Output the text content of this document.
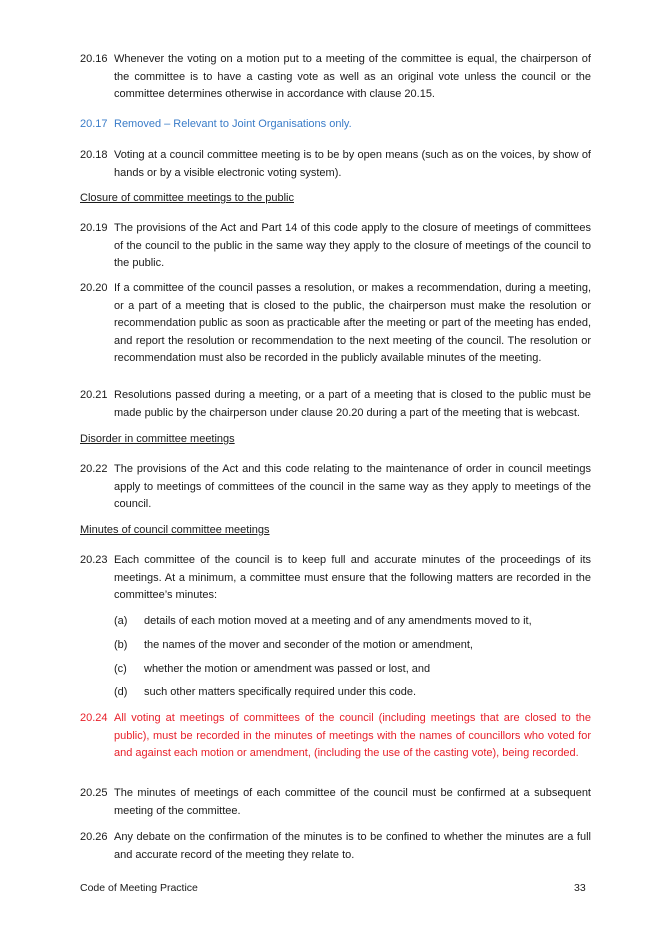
20.16 Whenever the voting on a motion put to a meeting of the committee is equal, the chairperson of the committee is to have a casting vote as well as an original vote unless the council or the committee determines otherwise in accordance with clause 20.15.
20.17 Removed – Relevant to Joint Organisations only.
20.18 Voting at a council committee meeting is to be by open means (such as on the voices, by show of hands or by a visible electronic voting system).
Closure of committee meetings to the public
20.19 The provisions of the Act and Part 14 of this code apply to the closure of meetings of committees of the council to the public in the same way they apply to the closure of meetings of the council to the public.
20.20 If a committee of the council passes a resolution, or makes a recommendation, during a meeting, or a part of a meeting that is closed to the public, the chairperson must make the resolution or recommendation public as soon as practicable after the meeting or part of the meeting has ended, and report the resolution or recommendation to the next meeting of the council. The resolution or recommendation must also be recorded in the publicly available minutes of the meeting.
20.21 Resolutions passed during a meeting, or a part of a meeting that is closed to the public must be made public by the chairperson under clause 20.20 during a part of the meeting that is webcast.
Disorder in committee meetings
20.22 The provisions of the Act and this code relating to the maintenance of order in council meetings apply to meetings of committees of the council in the same way as they apply to meetings of the council.
Minutes of council committee meetings
20.23 Each committee of the council is to keep full and accurate minutes of the proceedings of its meetings. At a minimum, a committee must ensure that the following matters are recorded in the committee’s minutes:
(a) details of each motion moved at a meeting and of any amendments moved to it,
(b) the names of the mover and seconder of the motion or amendment,
(c) whether the motion or amendment was passed or lost, and
(d) such other matters specifically required under this code.
20.24 All voting at meetings of committees of the council (including meetings that are closed to the public), must be recorded in the minutes of meetings with the names of councillors who voted for and against each motion or amendment, (including the use of the casting vote), being recorded.
20.25 The minutes of meetings of each committee of the council must be confirmed at a subsequent meeting of the committee.
20.26 Any debate on the confirmation of the minutes is to be confined to whether the minutes are a full and accurate record of the meeting they relate to.
Code of Meeting Practice	33
